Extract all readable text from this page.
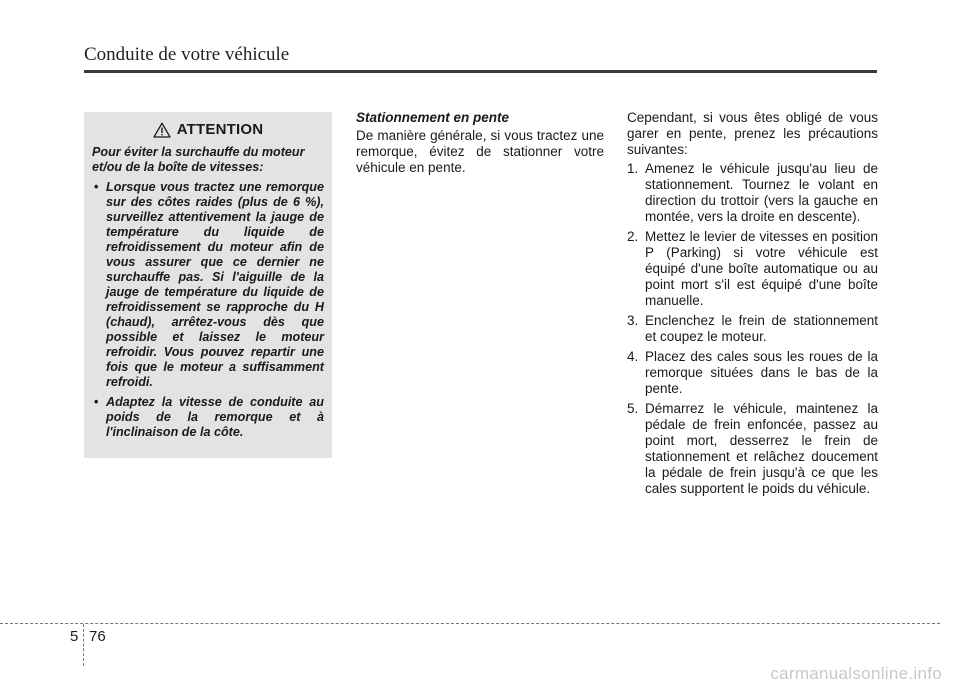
Conduite de votre véhicule
ATTENTION

Pour éviter la surchauffe du moteur et/ou de la boîte de vitesses:

• Lorsque vous tractez une remorque sur des côtes raides (plus de 6 %), surveillez attentivement la jauge de température du liquide de refroidissement du moteur afin de vous assurer que ce dernier ne surchauffe pas. Si l'aiguille de la jauge de température du liquide de refroidissement se rapproche du H (chaud), arrêtez-vous dès que possible et laissez le moteur refroidir. Vous pouvez repartir une fois que le moteur a suffisamment refroidi.
• Adaptez la vitesse de conduite au poids de la remorque et à l'inclinaison de la côte.

Stationnement en pente

De manière générale, si vous tractez une remorque, évitez de stationner votre véhicule en pente.

Cependant, si vous êtes obligé de vous garer en pente, prenez les précautions suivantes:

1. Amenez le véhicule jusqu'au lieu de stationnement. Tournez le volant en direction du trottoir (vers la gauche en montée, vers la droite en descente).
2. Mettez le levier de vitesses en position P (Parking) si votre véhicule est équipé d'une boîte automatique ou au point mort s'il est équipé d'une boîte manuelle.
3. Enclenchez le frein de stationnement et coupez le moteur.
4. Placez des cales sous les roues de la remorque situées dans le bas de la pente.
5. Démarrez le véhicule, maintenez la pédale de frein enfoncée, passez au point mort, desserrez le frein de stationnement et relâchez doucement la pédale de frein jusqu'à ce que les cales supportent le poids du véhicule.
5 76
carmanualsonline.info
